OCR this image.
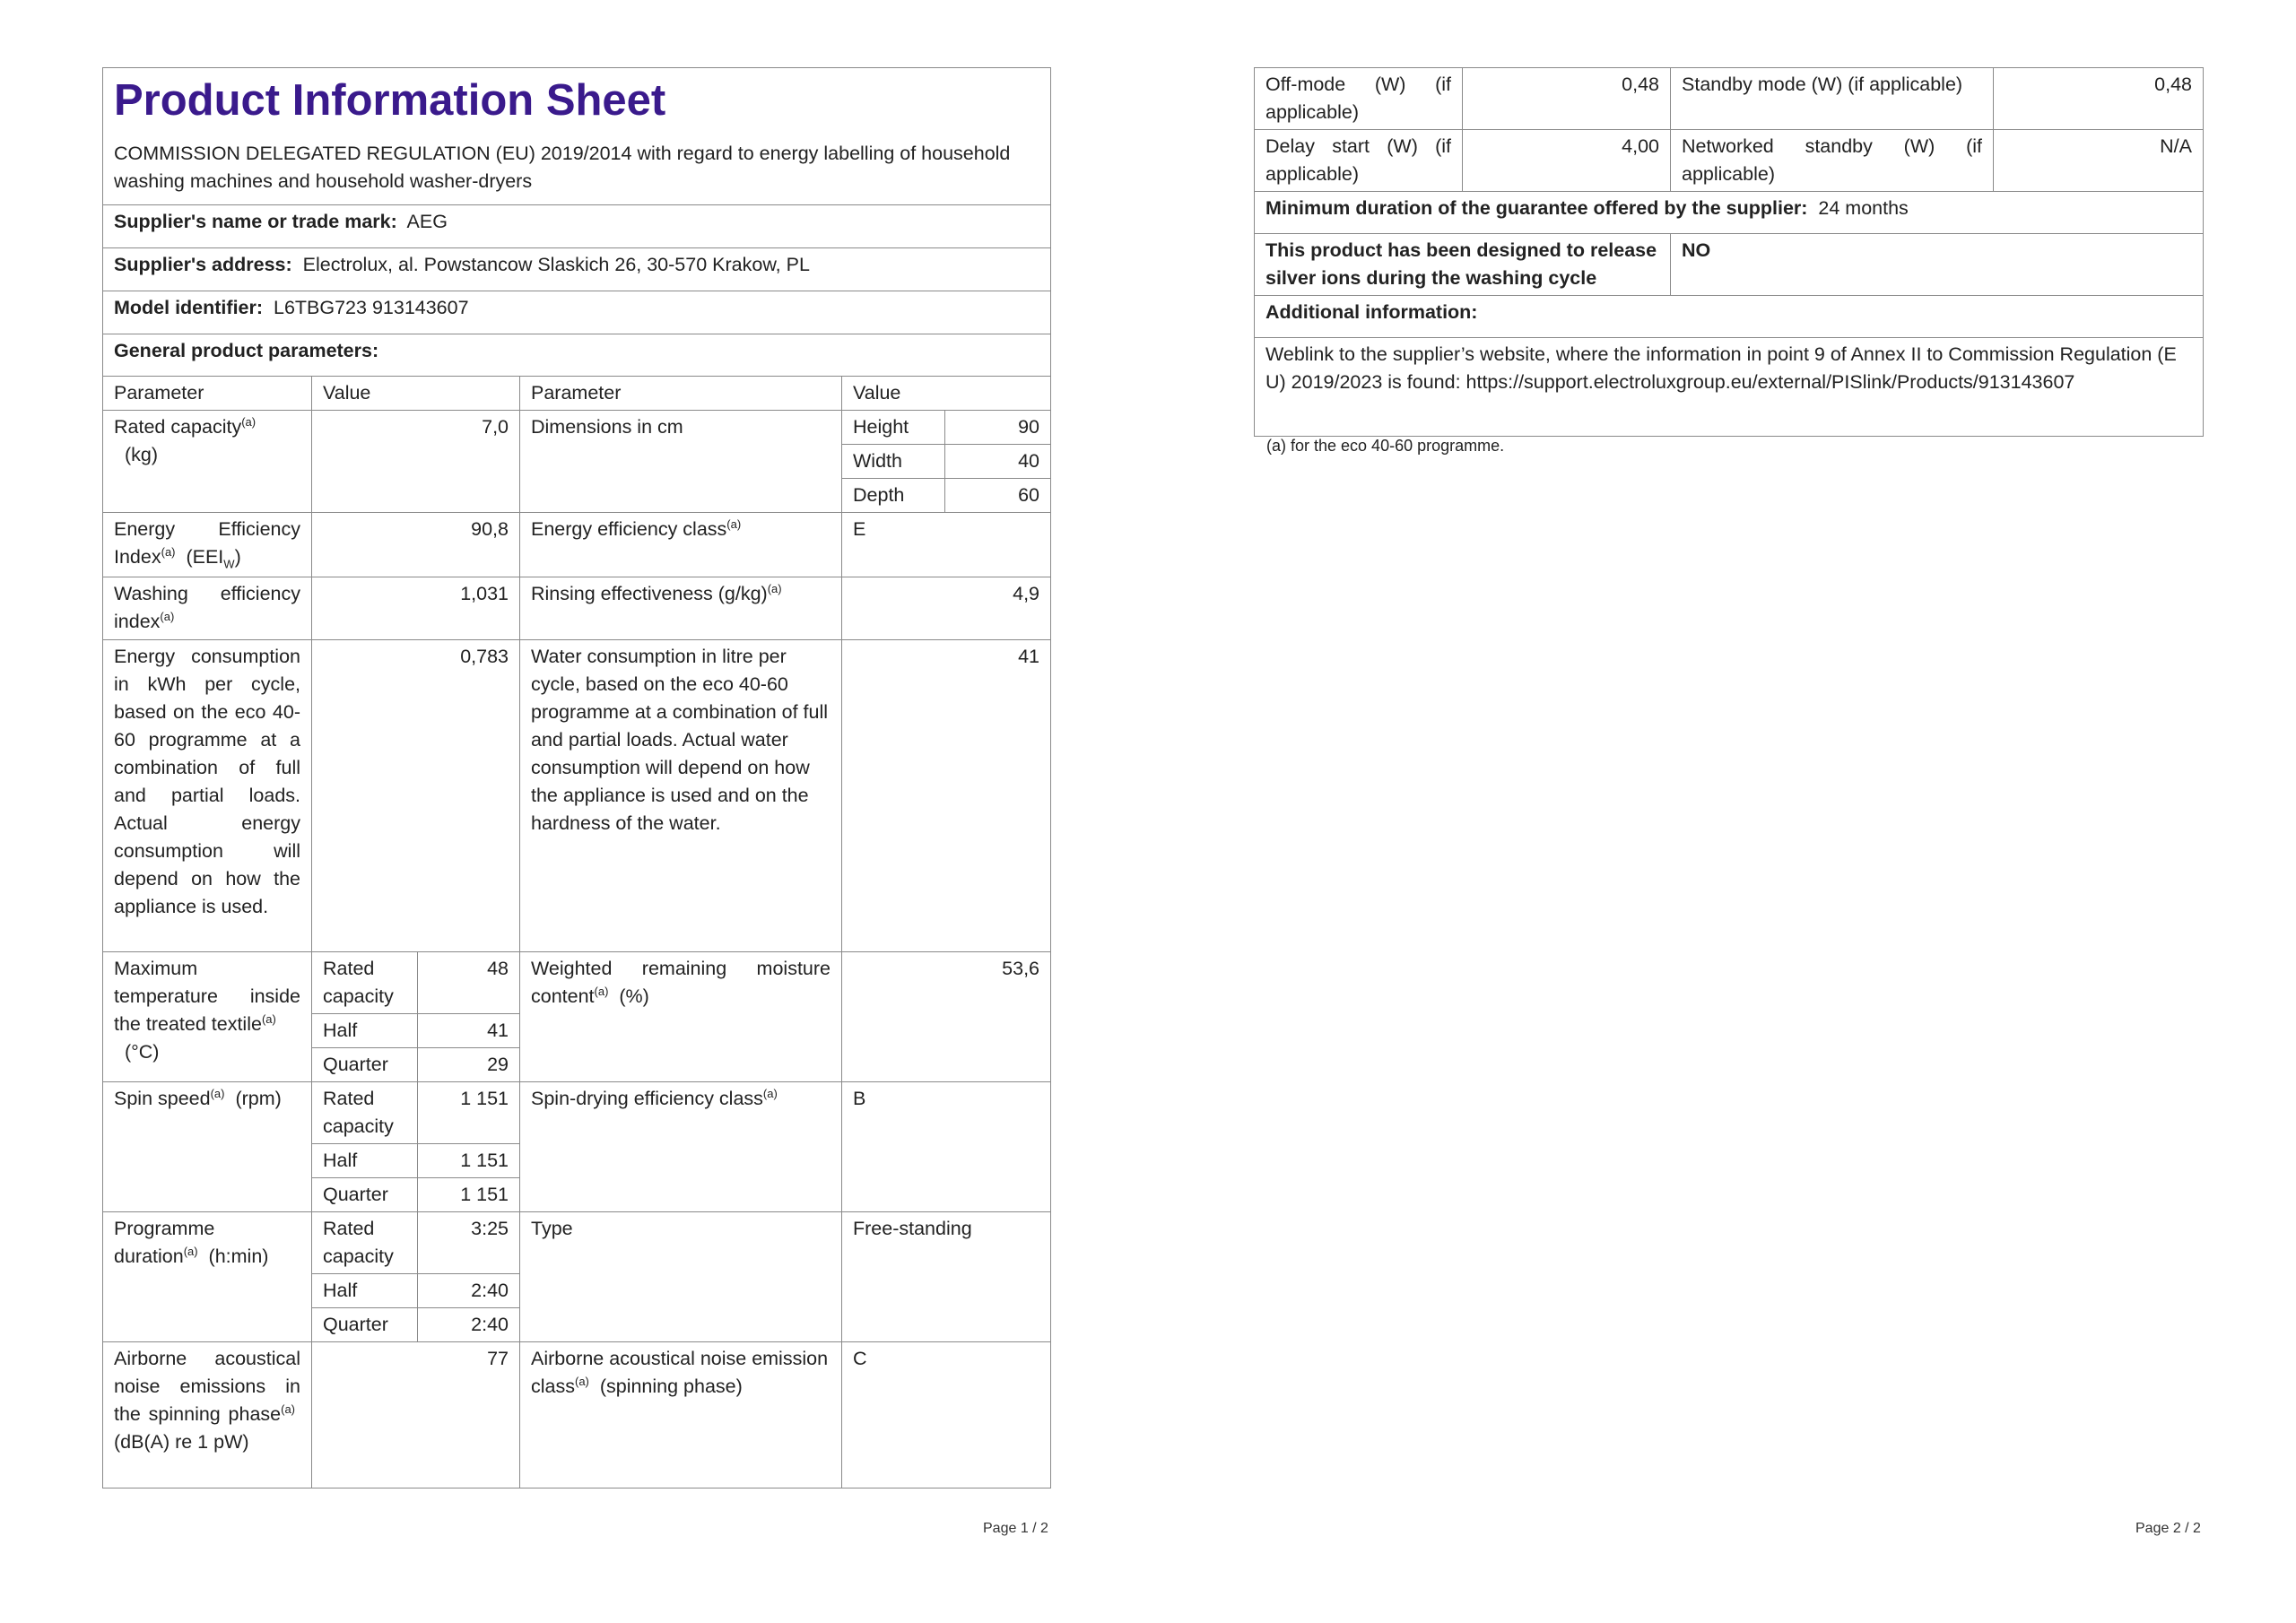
Product Information Sheet
COMMISSION DELEGATED REGULATION (EU) 2019/2014 with regard to energy labelling of household washing machines and household washer-dryers					

Supplier's name or trade mark: AEG					
Supplier's address: Electrolux, al. Powstancow Slaskich 26, 30-570 Krakow, PL					
Model identifier: L6TBG723 913143607					
General product parameters:					
Parameter	Value		Parameter	Value	
Rated capacity$^{(a)}$
(kg)	7,0		Dimensions in cm	Height	90
				Width	40
				Depth	60
Energy Efficiency Index$^{(a)}$ $(EEI_W)$	90,8		Energy efficiency class$^{(a)}$	E	
Washing efficiency index$^{(a)}$	1,031		Rinsing effectiveness $(g/kg)^{(a)}$	4,9	
Energy consumption in kWh per cycle, based on the eco 40-60 programme at a combination of full and partial loads. Actual energy consumption will depend on how the appliance is used.	0,783		Water consumption in litre per cycle, based on the eco 40-60 programme at a combination of full and partial loads. Actual water consumption will depend on how the appliance is used and on the hardness of the water.	41	
Maximum temperature inside the treated textile$^{(a)}$
(°C)	Rated capacity	48	Weighted remaining moisture content$^{(a)}$  (%)	53,6	
	Half	41			
	Quarter	29			
Spin speed$^{(a)}$ (rpm)	Rated capacity	1 151	Spin-drying efficiency class$^{(a)}$	B	
	Half	1 151			
	Quarter	1 151			
Programme duration$^{(a)}$ (h:min)	Rated capacity	3:25	Type	Free-standing	
	Half	2:40			
	Quarter	2:40			
Airborne acoustical noise emissions in the spinning phase$^{(a)}$  (dB(A) re 1 pW)	77		Airborne acoustical noise emission class$^{(a)}$ (spinning phase)	C	
Page 1 / 2
Off-mode (W) (if applicable)	0,48	Standby mode (W) (if applicable)	0,48
Delay start (W) (if applicable)	4,00	Networked standby (W) (if applicable)	N/A
Minimum duration of the guarantee offered by the supplier: 24 months			
This product has been designed to release silver ions during the washing cycle		NO	
Additional information:			
Weblink to the supplier’s website, where the information in point 9 of Annex II to Commission Regulation (EU) 2019/2023 is found: https://support.electroluxgroup.eu/external/PISlink/Products/913143607			
(a) for the eco 40-60 programme.
Page 2 / 2
